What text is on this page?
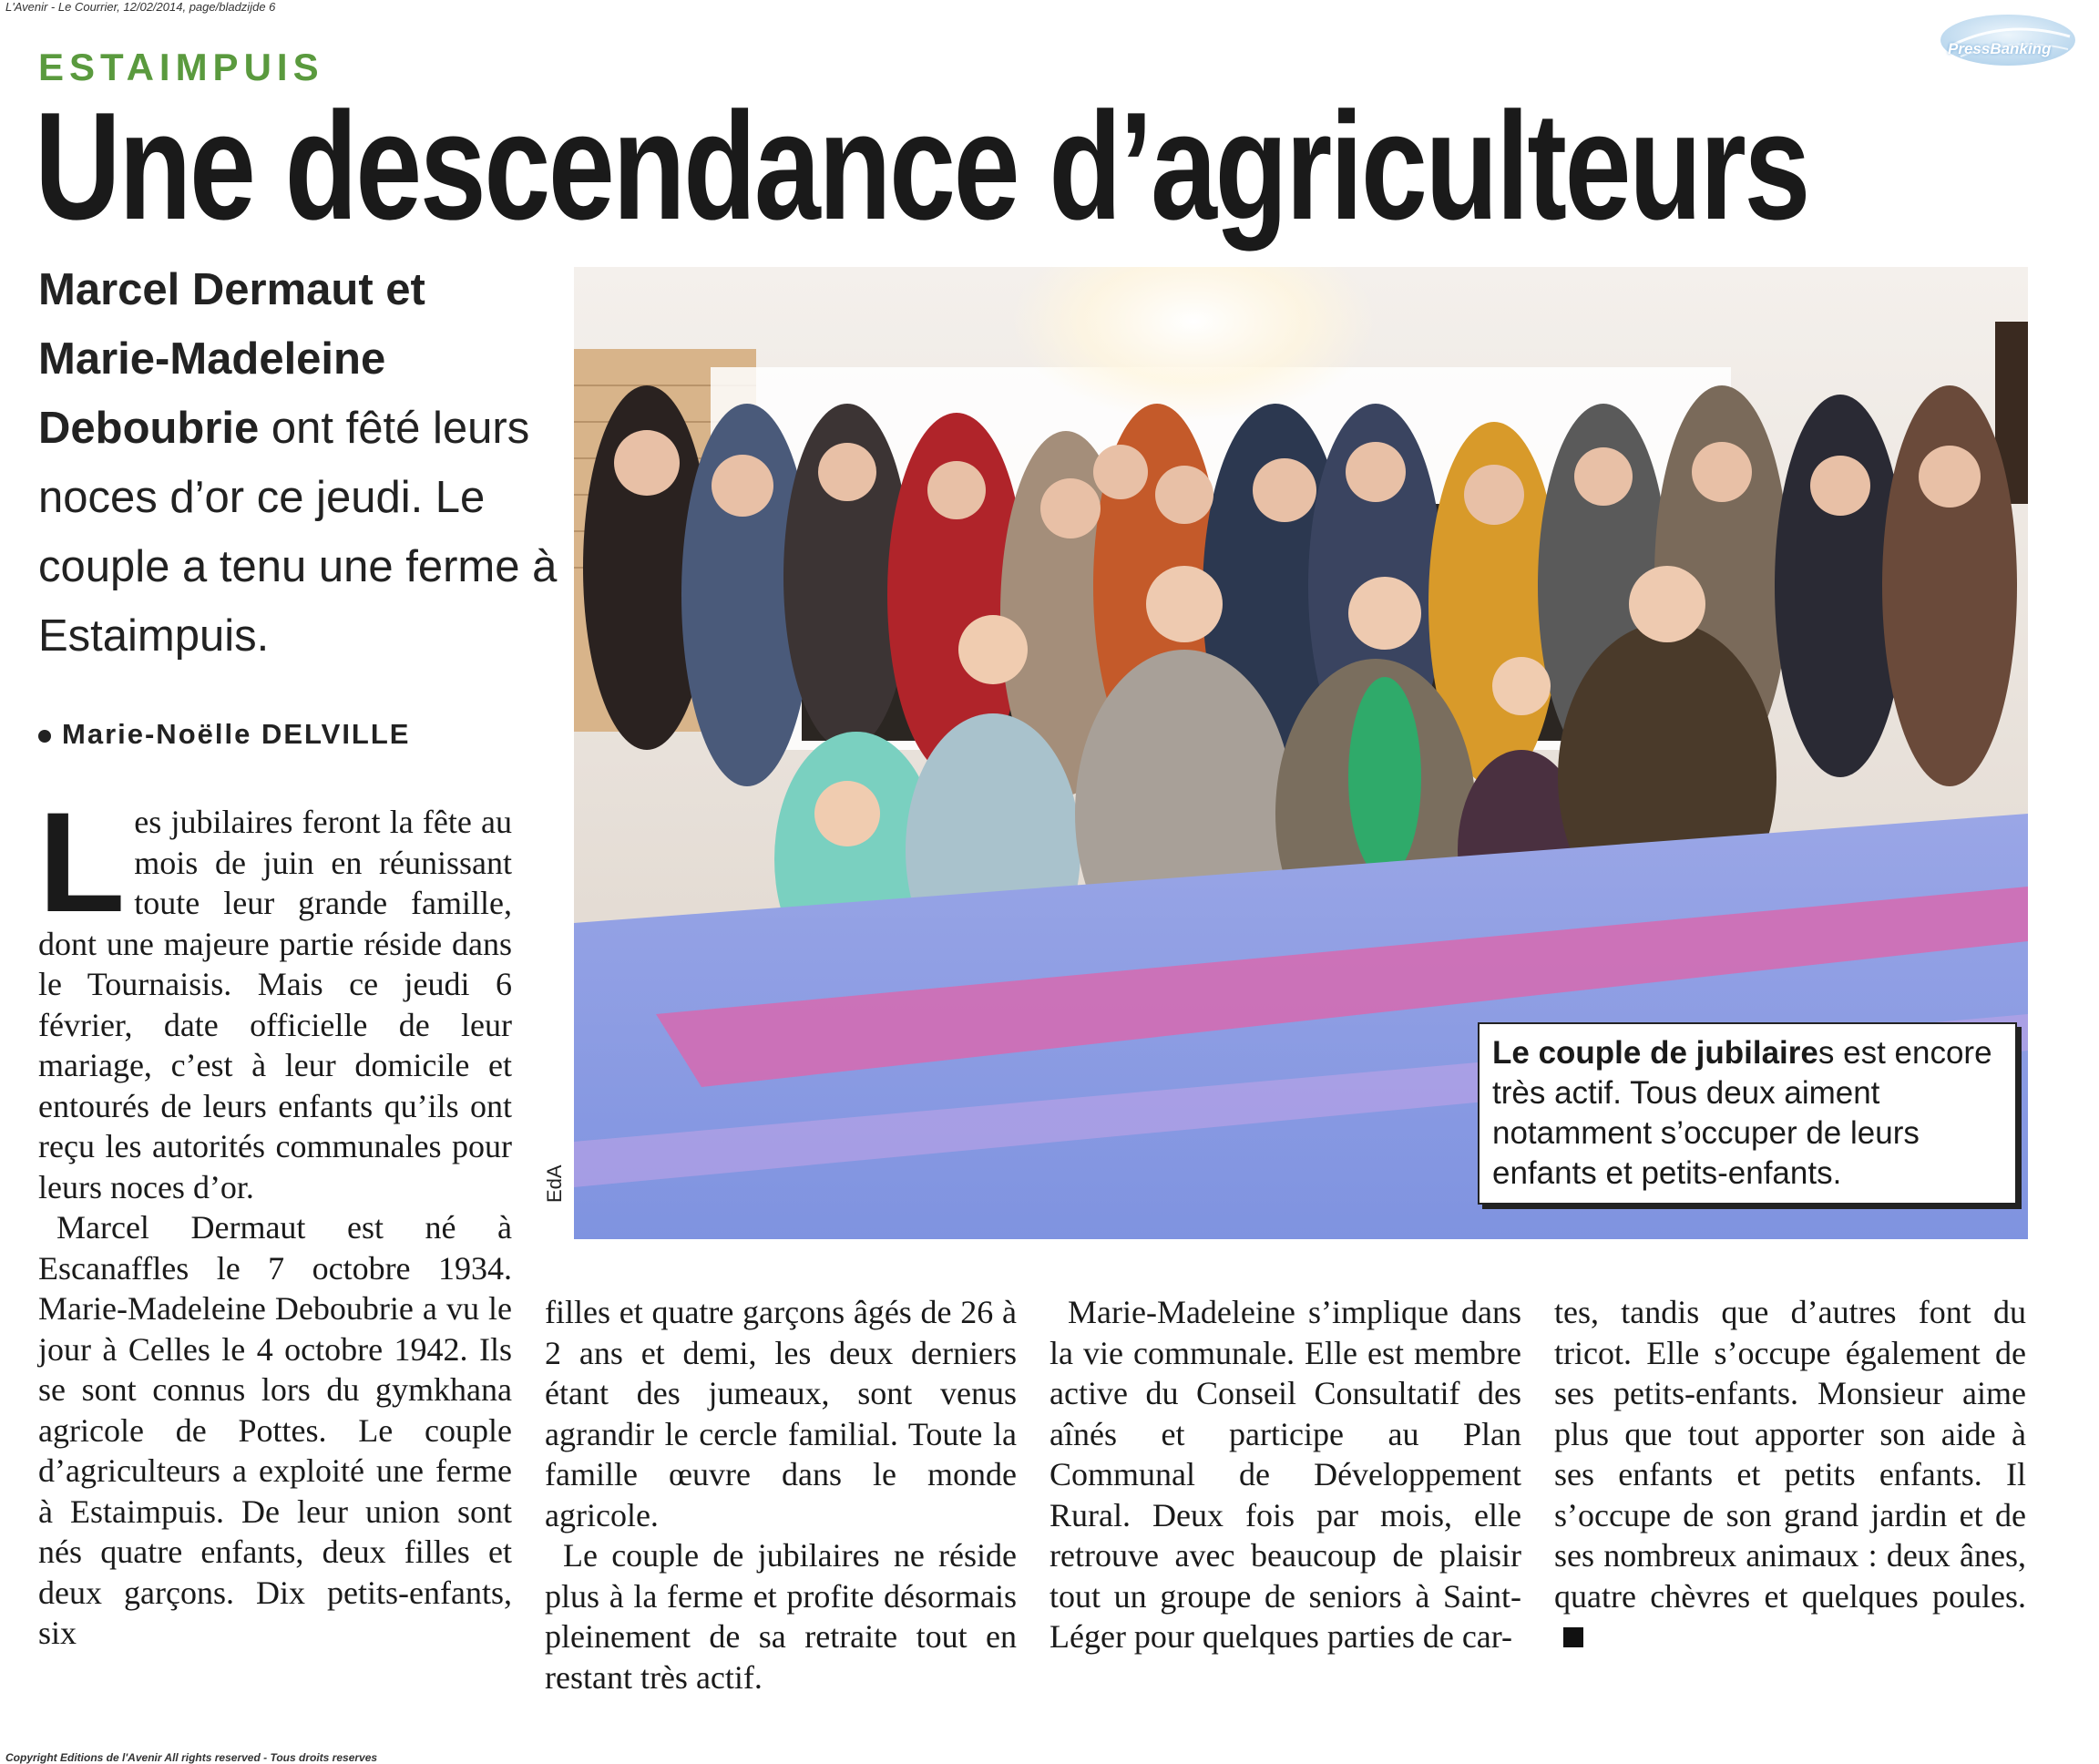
L'Avenir - Le Courrier, 12/02/2014, page/bladzijde 6
PressBanking
ESTAIMPUIS
Une descendance d’agriculteurs
Marcel Dermaut et Marie-Madeleine Deboubrie ont fêté leurs noces d’or ce jeudi. Le couple a tenu une ferme à Estaimpuis.
Marie-Noëlle DELVILLE

Les jubilaires feront la fête au mois de juin en réunissant toute leur grande famille, dont une majeure partie réside dans le Tournaisis. Mais ce jeudi 6 février, date officielle de leur mariage, c’est à leur domicile et entourés de leurs enfants qu’ils ont reçu les autorités communales pour leurs noces d’or.

Marcel Dermaut est né à Escanaffles le 7 octobre 1934. Marie-Madeleine Deboubrie a vu le jour à Celles le 4 octobre 1942. Ils se sont connus lors du gymkhana agricole de Pottes. Le couple d’agriculteurs a exploité une ferme à Estaimpuis. De leur union sont nés quatre enfants, deux filles et deux garçons. Dix petits-enfants, six

EdA
Le couple de jubilaires est encore très actif. Tous deux aiment notamment s’occuper de leurs enfants et petits-enfants.

filles et quatre garçons âgés de 26 à 2 ans et demi, les deux derniers étant des jumeaux, sont venus agrandir le cercle familial. Toute la famille œuvre dans le monde agricole.

Le couple de jubilaires ne réside plus à la ferme et profite désormais pleinement de sa retraite tout en restant très actif.

Marie-Madeleine s’implique dans la vie communale. Elle est membre active du Conseil Consultatif des aînés et participe au Plan Communal de Développement Rural. Deux fois par mois, elle retrouve avec beaucoup de plaisir tout un groupe de seniors à Saint-Léger pour quelques parties de car-

tes, tandis que d’autres font du tricot. Elle s’occupe également de ses petits-enfants. Monsieur aime plus que tout apporter son aide à ses enfants et petits enfants. Il s’occupe de son grand jardin et de ses nombreux animaux : deux ânes, quatre chèvres et quelques poules.

Copyright Editions de l'Avenir All rights reserved - Tous droits reserves
